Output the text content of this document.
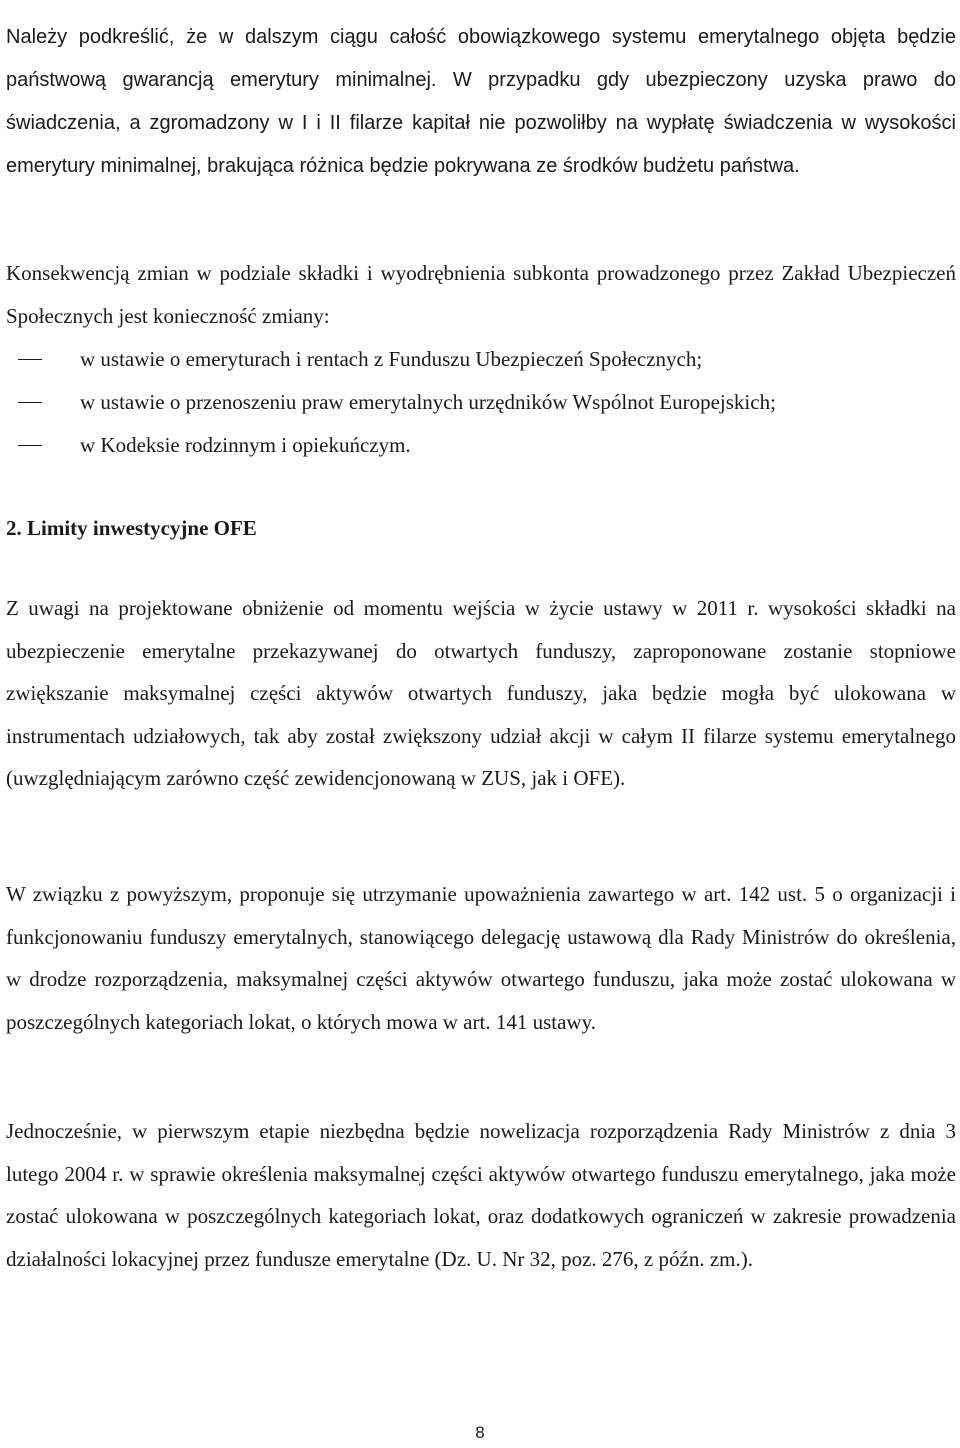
Należy podkreślić, że w dalszym ciągu całość obowiązkowego systemu emerytalnego objęta będzie państwową gwarancją emerytury minimalnej. W przypadku gdy ubezpieczony uzyska prawo do świadczenia, a zgromadzony w I i II filarze kapitał nie pozwoliłby na wypłatę świadczenia w wysokości emerytury minimalnej, brakująca różnica będzie pokrywana ze środków budżetu państwa.

Konsekwencją zmian w podziale składki i wyodrębnienia subkonta prowadzonego przez Zakład Ubezpieczeń Społecznych jest konieczność zmiany:

w ustawie o emeryturach i rentach z Funduszu Ubezpieczeń Społecznych;
w ustawie o przenoszeniu praw emerytalnych urzędników Wspólnot Europejskich;
w Kodeksie rodzinnym i opiekuńczym.
2. Limity inwestycyjne OFE

Z uwagi na projektowane obniżenie od momentu wejścia w życie ustawy w 2011 r. wysokości składki na ubezpieczenie emerytalne przekazywanej do otwartych funduszy, zaproponowane zostanie stopniowe zwiększanie maksymalnej części aktywów otwartych funduszy, jaka będzie mogła być ulokowana w instrumentach udziałowych, tak aby został zwiększony udział akcji w całym II filarze systemu emerytalnego (uwzględniającym zarówno część zewidencjonowaną w ZUS, jak i OFE).

W związku z powyższym, proponuje się utrzymanie upoważnienia zawartego w art. 142 ust. 5 o organizacji i funkcjonowaniu funduszy emerytalnych, stanowiącego delegację ustawową dla Rady Ministrów do określenia, w drodze rozporządzenia, maksymalnej części aktywów otwartego funduszu, jaka może zostać ulokowana w poszczególnych kategoriach lokat, o których mowa w art. 141 ustawy.

Jednocześnie, w pierwszym etapie niezbędna będzie nowelizacja rozporządzenia Rady Ministrów z dnia 3 lutego 2004 r. w sprawie określenia maksymalnej części aktywów otwartego funduszu emerytalnego, jaka może zostać ulokowana w poszczególnych kategoriach lokat, oraz dodatkowych ograniczeń w zakresie prowadzenia działalności lokacyjnej przez fundusze emerytalne (Dz. U. Nr 32, poz. 276, z późn. zm.).

8
